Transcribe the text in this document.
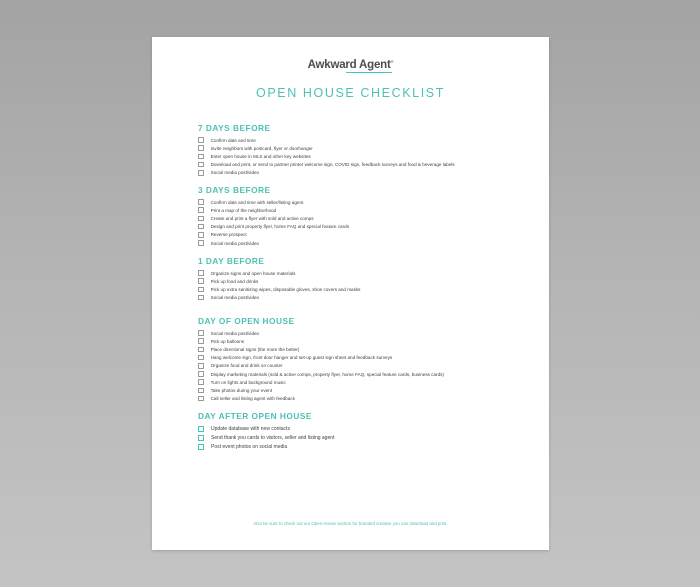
Awkward Agent®
OPEN HOUSE CHECKLIST
7 DAYS BEFORE
Confirm date and time
Invite neighbors with postcard, flyer or doorhanger
Enter open house in MLS and other key websites
Download and print, or send to partner printer welcome sign, COVID sign, feedback surveys and food & beverage labels
Social media post/video
3 DAYS BEFORE
Confirm date and time with seller/listing agent
Print a map of the neighborhood
Create and print a flyer with sold and active comps
Design and print property flyer, home FAQ and special feature cards
Reverse prospect
Social media post/video
1 DAY BEFORE
Organize signs and open house materials
Pick up food and drinks
Pick up extra sanitizing wipes, disposable gloves, shoe covers and masks
Social media post/video
DAY OF OPEN HOUSE
Social media post/video
Pick up balloons
Place directional signs (the more the better)
Hang welcome sign, front door hanger and set-up guest sign sheet and feedback surveys
Organize food and drink on counter
Display marketing materials (sold & active comps, property flyer, home FAQ, special feature cards, business cards)
Turn on lights and background music
Take photos during your event
Call seller and listing agent with feedback
DAY AFTER OPEN HOUSE
Update database with new contacts
Send thank you cards to visitors, seller and listing agent
Post event photos on social media
Also be sure to check out our Open House section for branded creative you can download and print.
